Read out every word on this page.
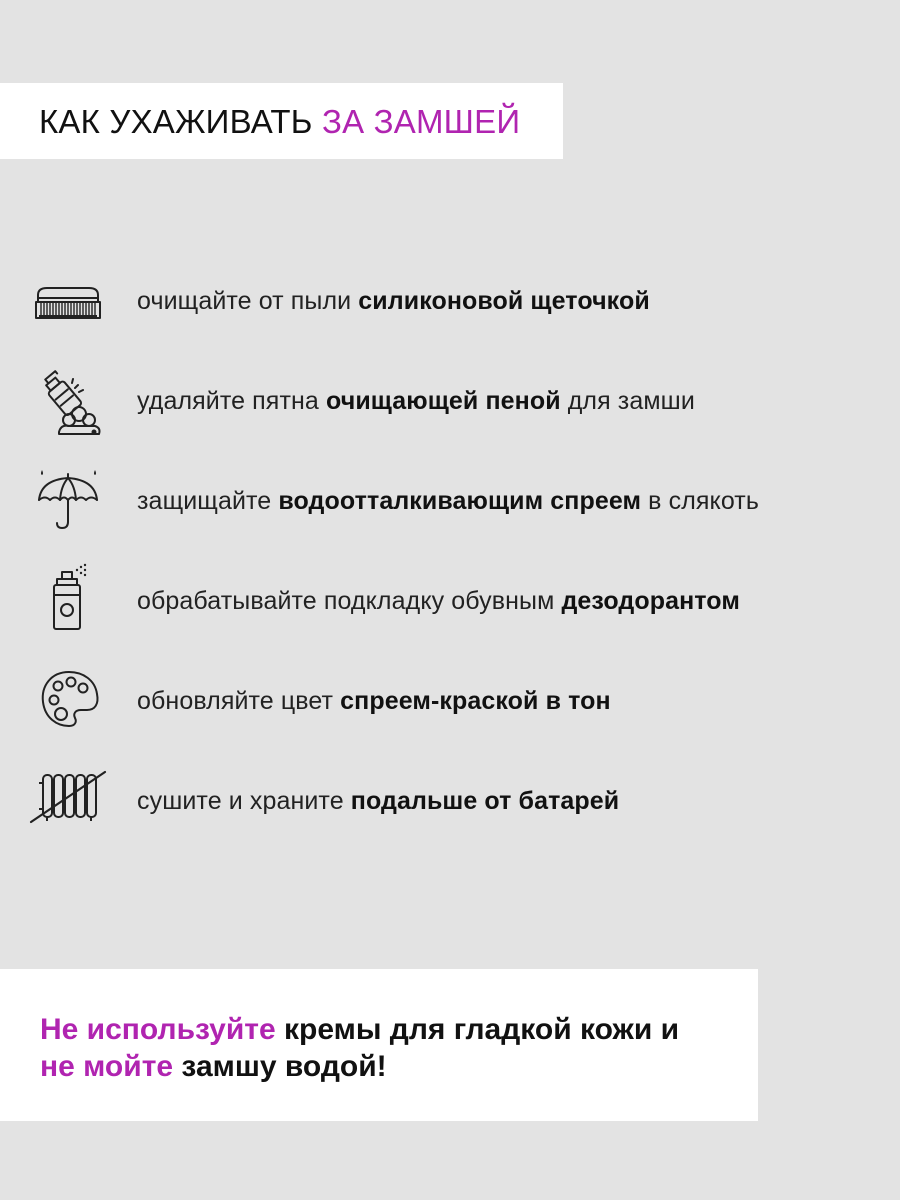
КАК УХАЖИВАТЬ ЗА ЗАМШЕЙ
очищайте от пыли силиконовой щеточкой
удаляйте пятна очищающей пеной для замши
защищайте водоотталкивающим спреем в слякоть
обрабатывайте подкладку обувным дезодорантом
обновляйте цвет спреем-краской в тон
сушите и храните подальше от батарей

Не используйте кремы для гладкой кожи и
не мойте замшу водой!
